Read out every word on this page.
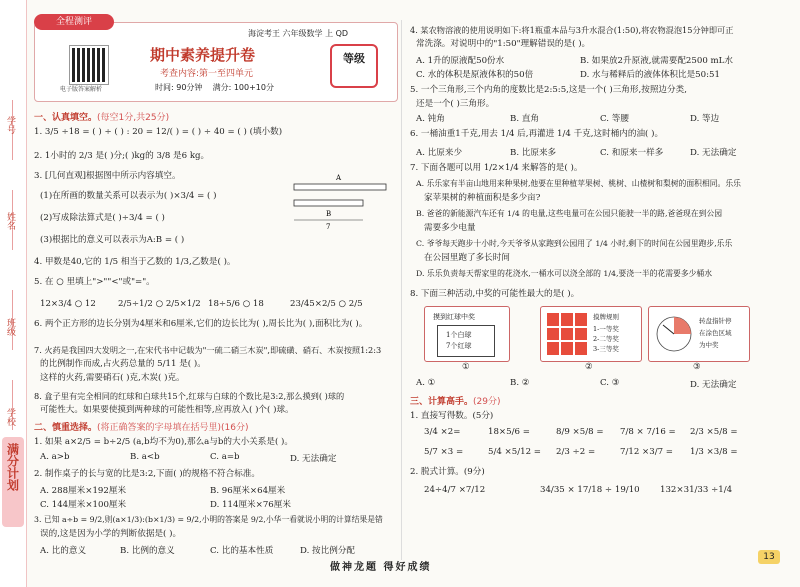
学号
姓名
班级
学校
满分计划
全程测评
电子版答案解析
海淀考王 六年级数学 上 QD
期中素养提升卷
考查内容:第一至四单元
时间: 90分钟 满分: 100+10分
等级
一、认真填空。(每空1分,共25分)
1. 3/5 ÷18 = ( ) ÷ ( ) : 20 = 12/( ) = ( ) ÷ 40 = ( ) (填小数)
2. 1小时的 2/3 是( )分;( )kg的 3/8 是6 kg。
3. [几何直观]根据图中所示内容填空。
(1)在所画的数量关系可以表示为( )×3/4 = ( )
(2)写成除法算式是( )÷3/4 = ( )
(3)根据比的意义可以表示为A:B = ( )
A
B
7
4. 甲数是40,它的 1/5 相当于乙数的 1/3,乙数是( )。
5. 在 ○ 里填上">""<"或"="。
12×3/4 ○ 12	2/5÷1/2 ○ 2/5×1/2 18÷5/6 ○ 18	23/45×2/5 ○ 2/5
6. 两个正方形的边长分别为4厘米和6厘米,它们的边长比为( ),周长比为( ),面积比为( )。
7. 火药是我国四大发明之一,在宋代书中记载为"一硫二硝三木炭",即硫磺、硝石、木炭按照1:2:3
的比例制作而成,占火药总量的 5/11 是( )。
这样的火药,需要硝石( )克,木炭( )克。
8. 盒子里有完全相同的红球和白球共15个,红球与白球的个数比是3:2,那么摸到( )球的
可能性大。如果要使摸到两种球的可能性相等,应再放入( )个( )球。
二、慎重选择。(将正确答案的字母填在括号里)(16分)
1. 如果 a×2/5 = b÷2/5 (a,b均不为0),那么a与b的大小关系是( )。
A. a>b	B. a<b	C. a=b	D. 无法确定
2. 制作桌子的长与宽的比是3:2,下面( )的规格不符合标准。
A. 288厘米×192厘米	B. 96厘米×64厘米
C. 144厘米×100厘米	D. 114厘米×76厘米
3. 已知 a÷b = 9/2,则(a×1/3):(b×1/3) = 9/2,小明的答案是 9/2,小华一看就说小明的计算结果是错
误的,这是因为小学的判断依据是( )。
A. 比的意义	B. 比例的意义	C. 比的基本性质	D. 按比例分配
4. 某农物溶液的使用说明如下:将1瓶重本品与3升水混合(1:50),将农物混泡15分钟即可正
常洗涤。对说明中的"1:50"理解错误的是( )。
A. 1升的原液配50份水	B. 如果放2升原液,就需要配2500 mL水
C. 水的体积是原液体积的50倍	D. 水与稀释后的液体体积比是50:51
5. 一个三角形,三个内角的度数比是2:5:5,这是一个( )三角形,按照边分类,
还是一个( )三角形。
A. 钝角	B. 直角	C. 等腰	D. 等边
6. 一桶油重1千克,用去 1/4 后,再灌进 1/4 千克,这时桶内的油( )。
A. 比原来少	B. 比原来多	C. 和原来一样多	D. 无法确定
7. 下面各题可以用 1/2×1/4 来解答的是( )。
A. 乐乐家有半亩山地用来种果树,他要在里种植苹果树、桃树、山楂树和梨树的面积相同。乐乐
家苹果树的种植面积是多少亩?
B. 爸爸的新能源汽车还有 1/4 的电量,这些电量可在公园只能驶一半的路,爸爸现在到公园
需要多少电量
C. 爷爷每天跑步十小时,今天爷爷从家跑到公园用了 1/4 小时,剩下的时间在公园里跑步,乐乐
在公园里跑了多长时间
D. 乐乐负责每天帮家里的花浇水,一桶水可以浇全部的 1/4,要浇一半的花需要多少桶水
8. 下面三种活动,中奖的可能性最大的是( )。
摸到红球中奖
1个白球
7个红球
摸牌规则
1-一等奖
2-二等奖
3-三等奖
转盘指针停
在涂色区域
为中奖
①	②	③
A. ①	B. ②	C. ③	D. 无法确定
三、计算高手。(29分)
1. 直接写得数。(5分)
3/4 ×2=	18×5/6 =	8/9 ×5/8 = 7/8 × 7/16 = 2/3 ×5/8 =
5/7 ×3 =	5/4 ×5/12 = 2/3 ÷2 =	7/12 ×3/7 = 1/3 ×3/8 =
2. 脱式计算。(9分)
24÷4/7 ×7/12	34/35 × 17/18 ÷ 19/10 132×31/33 ÷1/4
做神龙题 得好成绩
13
